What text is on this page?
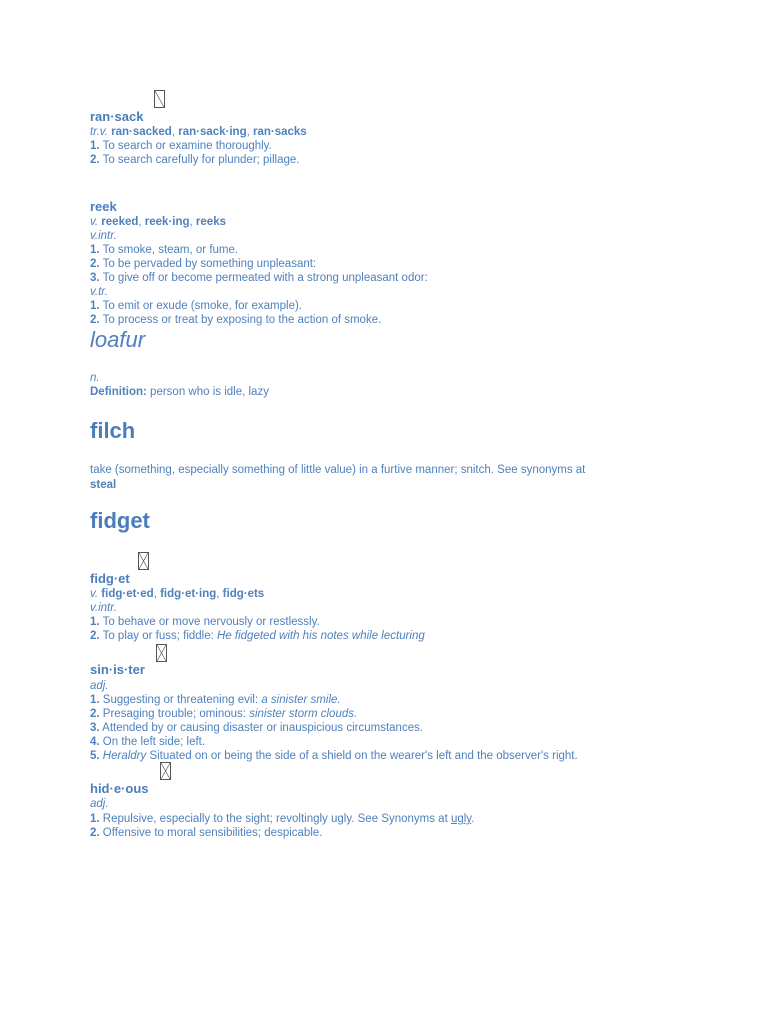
ran·sack
tr.v. ran·sacked, ran·sack·ing, ran·sacks
1. To search or examine thoroughly.
2. To search carefully for plunder; pillage.
reek
v. reeked, reek·ing, reeks
v.intr.
1. To smoke, steam, or fume.
2. To be pervaded by something unpleasant:
3. To give off or become permeated with a strong unpleasant odor:
v.tr.
1. To emit or exude (smoke, for example).
2. To process or treat by exposing to the action of smoke.
loafur
n.
Definition: person who is idle, lazy
filch
take (something, especially something of little value) in a furtive manner; snitch. See synonyms at
steal
fidget
fidg·et
v. fidg·et·ed, fidg·et·ing, fidg·ets
v.intr.
1. To behave or move nervously or restlessly.
2. To play or fuss; fiddle: He fidgeted with his notes while lecturing
sin·is·ter
adj.
1. Suggesting or threatening evil: a sinister smile.
2. Presaging trouble; ominous: sinister storm clouds.
3. Attended by or causing disaster or inauspicious circumstances.
4. On the left side; left.
5. Heraldry Situated on or being the side of a shield on the wearer's left and the observer's right.
hid·e·ous
adj.
1. Repulsive, especially to the sight; revoltingly ugly. See Synonyms at ugly.
2. Offensive to moral sensibilities; despicable.
